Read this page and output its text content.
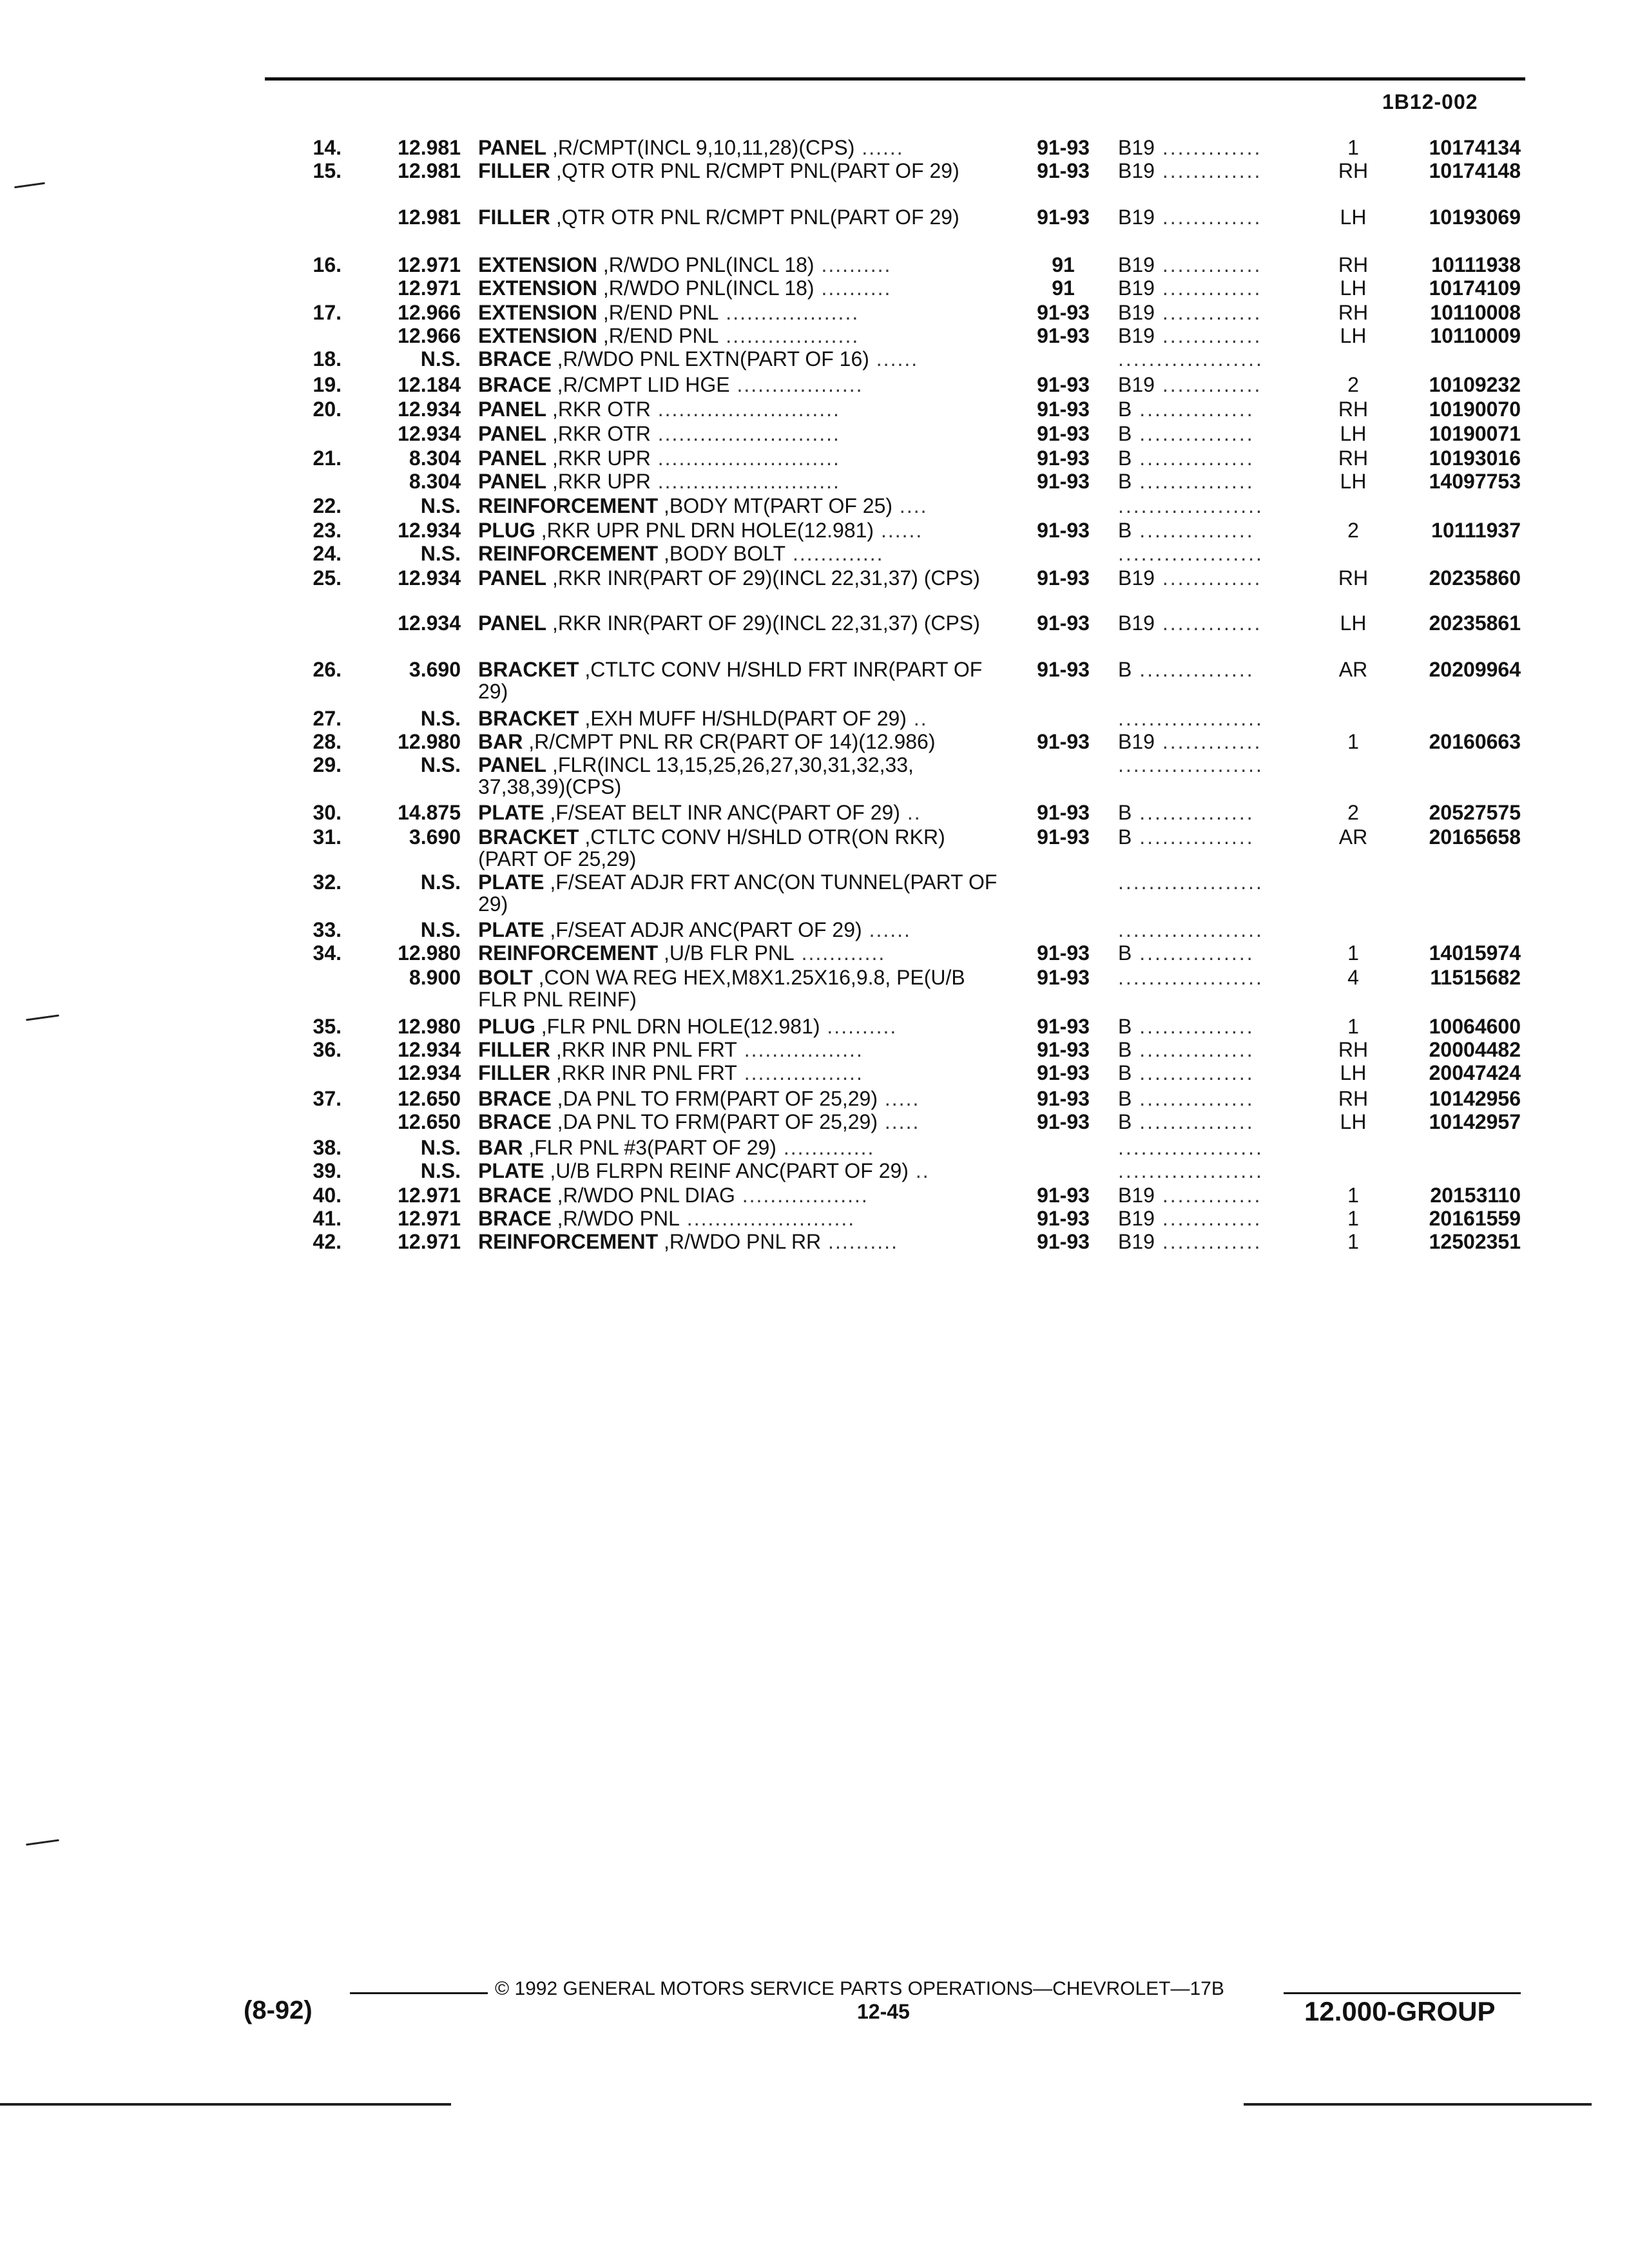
1B12-002
14.	12.981 PANEL ,R/CMPT(INCL 9,10,11,28)(CPS) ......	91-93	B19 .............	1	10174134
15.	12.981 FILLER ,QTR OTR PNL R/CMPT PNL(PART OF 29)	91-93	B19 .............	RH	10174148
12.981 FILLER ,QTR OTR PNL R/CMPT PNL(PART OF 29)	91-93	B19 .............	LH	10193069
16.	12.971 EXTENSION ,R/WDO PNL(INCL 18) ..........	91	B19 .............	RH	10111938
12.971 EXTENSION ,R/WDO PNL(INCL 18) ..........	91	B19 .............	LH	10174109
17.	12.966 EXTENSION ,R/END PNL ...................	91-93	B19 .............	RH	10110008
12.966 EXTENSION ,R/END PNL ...................	91-93	B19 .............	LH	10110009
18.	N.S. BRACE ,R/WDO PNL EXTN(PART OF 16) ......	...................
19.	12.184 BRACE ,R/CMPT LID HGE ..................	91-93	B19 .............	2	10109232
20.	12.934 PANEL ,RKR OTR ..........................	91-93	B ...............	RH	10190070
12.934 PANEL ,RKR OTR ..........................	91-93	B ...............	LH	10190071
21.	8.304 PANEL ,RKR UPR ..........................	91-93	B ...............	RH	10193016
8.304 PANEL ,RKR UPR ..........................	91-93	B ...............	LH	14097753
22.	N.S. REINFORCEMENT ,BODY MT(PART OF 25) ....	...................
23.	12.934 PLUG ,RKR UPR PNL DRN HOLE(12.981) ......	91-93	B ...............	2	10111937
24.	N.S. REINFORCEMENT ,BODY BOLT .............	...................
25.	12.934 PANEL ,RKR INR(PART OF 29)(INCL 22,31,37) (CPS)	91-93	B19 .............	RH	20235860
12.934 PANEL ,RKR INR(PART OF 29)(INCL 22,31,37) (CPS)	91-93	B19 .............	LH	20235861
26.	3.690 BRACKET ,CTLTC CONV H/SHLD FRT INR(PART OF 29)
91-93	B ...............	AR	20209964
27.	N.S. BRACKET ,EXH MUFF H/SHLD(PART OF 29) ..	...................
28.	12.980 BAR ,R/CMPT PNL RR CR(PART OF 14)(12.986)	91-93	B19 .............	1	20160663
29.	N.S. PANEL ,FLR(INCL 13,15,25,26,27,30,31,32,33, 37,38,39)(CPS)
...................
30.	14.875 PLATE ,F/SEAT BELT INR ANC(PART OF 29) ..	91-93	B ...............	2	20527575
31.	3.690 BRACKET ,CTLTC CONV H/SHLD OTR(ON RKR) (PART OF 25,29)
91-93	B ...............	AR	20165658
32.	N.S. PLATE ,F/SEAT ADJR FRT ANC(ON TUNNEL(PART OF 29)
...................
33.	N.S. PLATE ,F/SEAT ADJR ANC(PART OF 29) ......	...................
34.	12.980 REINFORCEMENT ,U/B FLR PNL ............	91-93	B ...............	1	14015974
8.900 BOLT ,CON WA REG HEX,M8X1.25X16,9.8, PE(U/B FLR PNL REINF)
91-93	...................	4	11515682
35.	12.980 PLUG ,FLR PNL DRN HOLE(12.981) ..........	91-93	B ...............	1	10064600
36.	12.934 FILLER ,RKR INR PNL FRT .................	91-93	B ...............	RH	20004482
12.934 FILLER ,RKR INR PNL FRT .................	91-93	B ...............	LH	20047424
37.	12.650 BRACE ,DA PNL TO FRM(PART OF 25,29) .....	91-93	B ...............	RH	10142956
12.650 BRACE ,DA PNL TO FRM(PART OF 25,29) .....	91-93	B ...............	LH	10142957
38.	N.S. BAR ,FLR PNL #3(PART OF 29) .............	...................
39.	N.S. PLATE ,U/B FLRPN REINF ANC(PART OF 29) ..	...................
40.	12.971 BRACE ,R/WDO PNL DIAG ..................	91-93	B19 .............	1	20153110
41.	12.971 BRACE ,R/WDO PNL ........................	91-93	B19 .............	1	20161559
42.	12.971 REINFORCEMENT ,R/WDO PNL RR ..........	91-93	B19 .............	1	12502351
© 1992 GENERAL MOTORS SERVICE PARTS OPERATIONS—CHEVROLET—17B
(8-92)	12-45	12.000-GROUP
